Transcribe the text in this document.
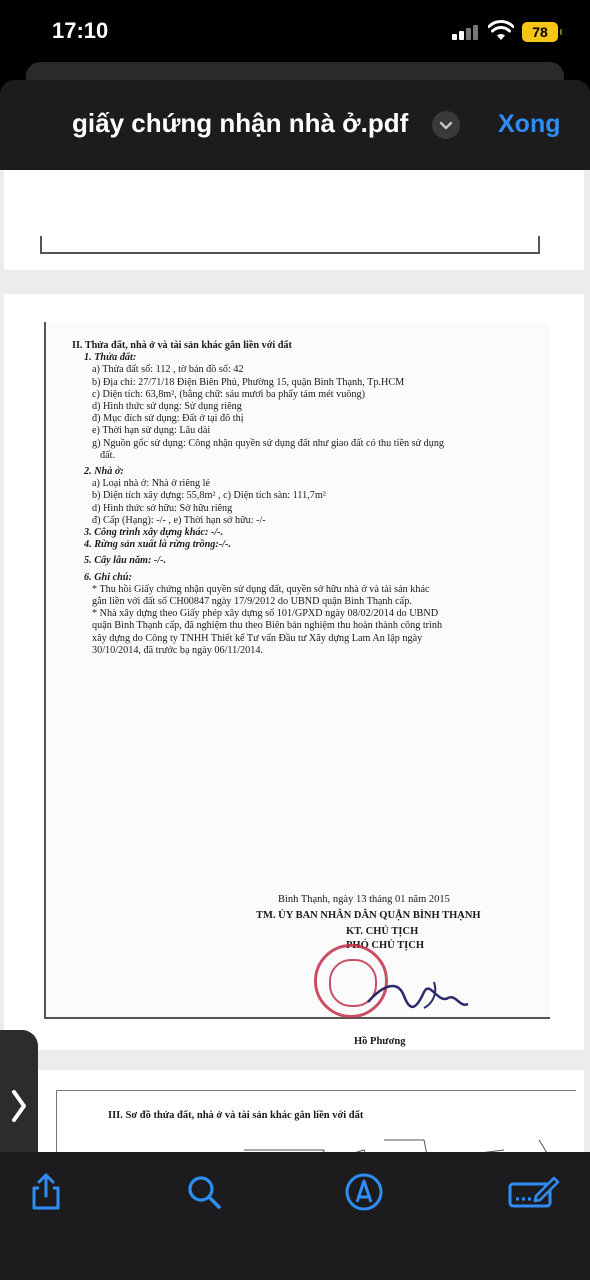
17:10	78
giấy chứng nhận nhà ở.pdf	Xong
II. Thửa đất, nhà ở và tài sản khác gắn liền với đất
1. Thửa đất:
a) Thửa đất số: 112 , tờ bản đồ số: 42
b) Địa chỉ: 27/71/18 Điện Biên Phủ, Phường 15, quận Bình Thạnh, Tp.HCM
c) Diện tích: 63,8m², (bằng chữ: sáu mươi ba phẩy tám mét vuông)
d) Hình thức sử dụng: Sử dụng riêng
đ) Mục đích sử dụng: Đất ở tại đô thị
e) Thời hạn sử dụng: Lâu dài
g) Nguồn gốc sử dụng: Công nhận quyền sử dụng đất như giao đất có thu tiền sử dụng
đất.
2. Nhà ở:
a) Loại nhà ở: Nhà ở riêng lẻ
b) Diện tích xây dựng: 55,8m² , c) Diện tích sàn: 111,7m²
d) Hình thức sở hữu: Sở hữu riêng
đ) Cấp (Hạng): -/- , e) Thời hạn sở hữu: -/-
3. Công trình xây dựng khác: -/-.
4. Rừng sản xuất là rừng trồng:-/-.
5. Cây lâu năm: -/-.
6. Ghi chú:
* Thu hồi Giấy chứng nhận quyền sử dụng đất, quyền sở hữu nhà ở và tài sản khác
gắn liền với đất số CH00847 ngày 17/9/2012 do UBND quận Bình Thạnh cấp.
* Nhà xây dựng theo Giấy phép xây dựng số 101/GPXD ngày 08/02/2014 do UBND
quận Bình Thạnh cấp, đã nghiệm thu theo Biên bản nghiệm thu hoàn thành công trình
xây dựng do Công ty TNHH Thiết kế Tư vấn Đầu tư Xây dựng Lam An lập ngày
30/10/2014, đã trước bạ ngày 06/11/2014.
Bình Thạnh, ngày 13 tháng 01 năm 2015
TM. ỦY BAN NHÂN DÂN QUẬN BÌNH THẠNH
KT. CHỦ TỊCH
PHÓ CHỦ TỊCH
Hồ Phương
III. Sơ đồ thửa đất, nhà ở và tài sản khác gắn liền với đất
